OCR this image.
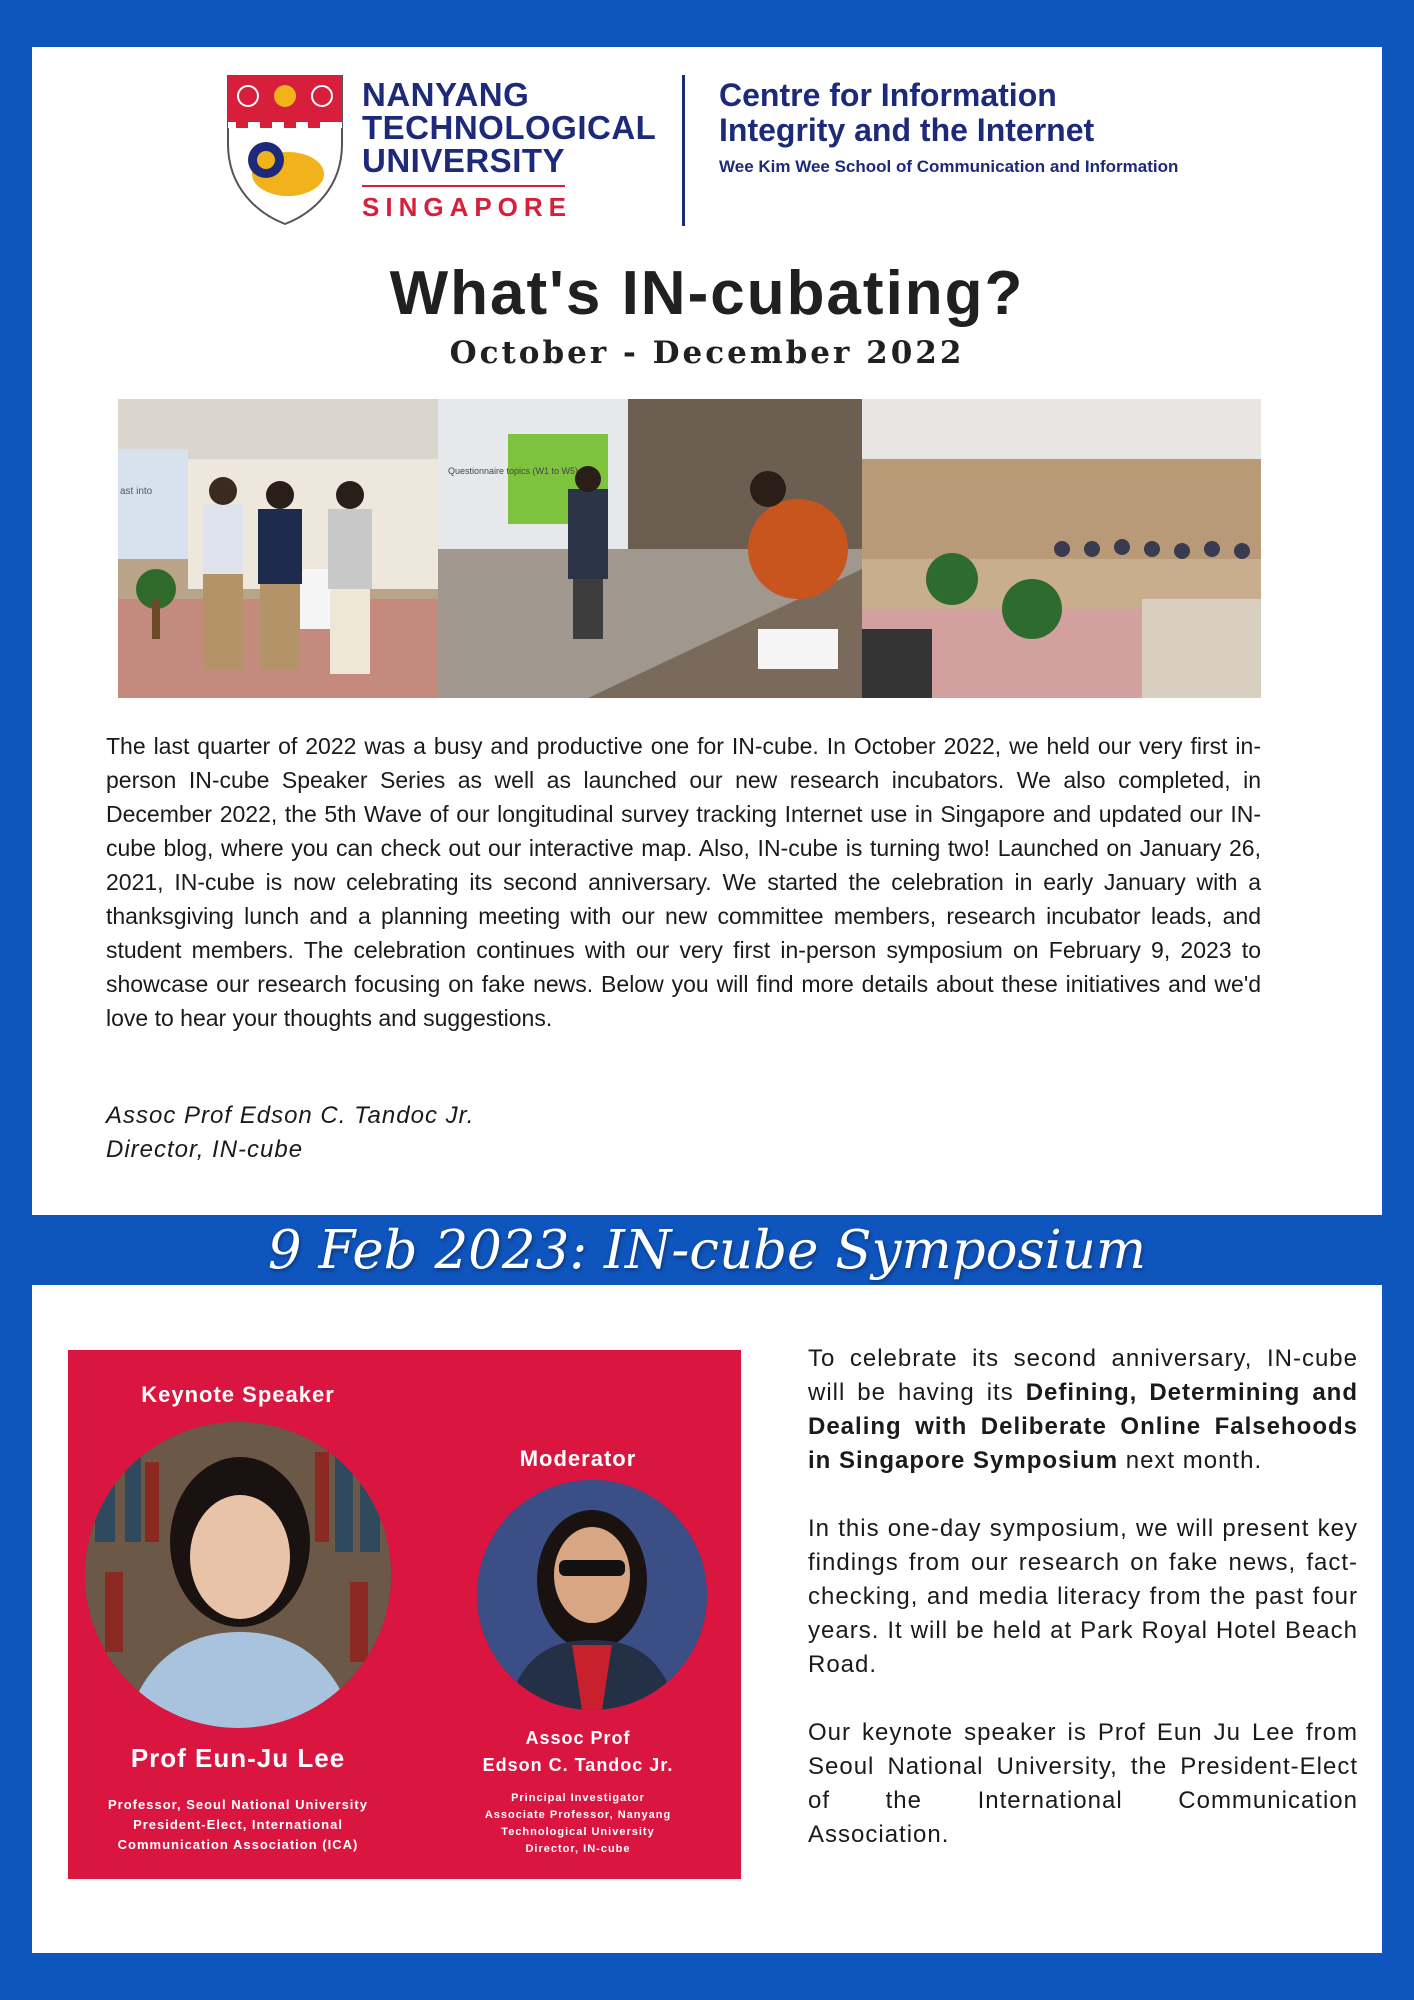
NANYANG
TECHNOLOGICAL
UNIVERSITY
SINGAPORE
Centre for Information
Integrity and the Internet
Wee Kim Wee School of Communication and Information
What's IN-cubating?
October - December 2022
ast into
Questionnaire topics (W1 to W5)
The last quarter of 2022 was a busy and productive one for IN-cube. In October 2022, we held our very first in-person IN-cube Speaker Series as well as launched our new research incubators. We also completed, in December 2022, the 5th Wave of our longitudinal survey tracking Internet use in Singapore and updated our IN-cube blog, where you can check out our interactive map. Also, IN-cube is turning two! Launched on January 26, 2021, IN-cube is now celebrating its second anniversary. We started the celebration in early January with a thanksgiving lunch and a planning meeting with our new committee members, research incubator leads, and student members. The celebration continues with our very first in-person symposium on February 9, 2023 to showcase our research focusing on fake news. Below you will find more details about these initiatives and we'd love to hear your thoughts and suggestions.
Assoc Prof Edson C. Tandoc Jr.
Director, IN-cube
9 Feb 2023: IN-cube Symposium
Keynote Speaker
Prof Eun-Ju Lee
Professor, Seoul National University
President-Elect, International
Communication Association (ICA)
Moderator
Assoc Prof
Edson C. Tandoc Jr.
Principal Investigator
Associate Professor, Nanyang
Technological University
Director, IN-cube

To celebrate its second anniversary, IN-cube will be having its Defining, Determining and Dealing with Deliberate Online Falsehoods in Singapore Symposium next month.

In this one-day symposium, we will present key findings from our research on fake news, fact-checking, and media literacy from the past four years. It will be held at Park Royal Hotel Beach Road.

Our keynote speaker is Prof Eun Ju Lee from Seoul National University, the President-Elect of the International Communication Association.
